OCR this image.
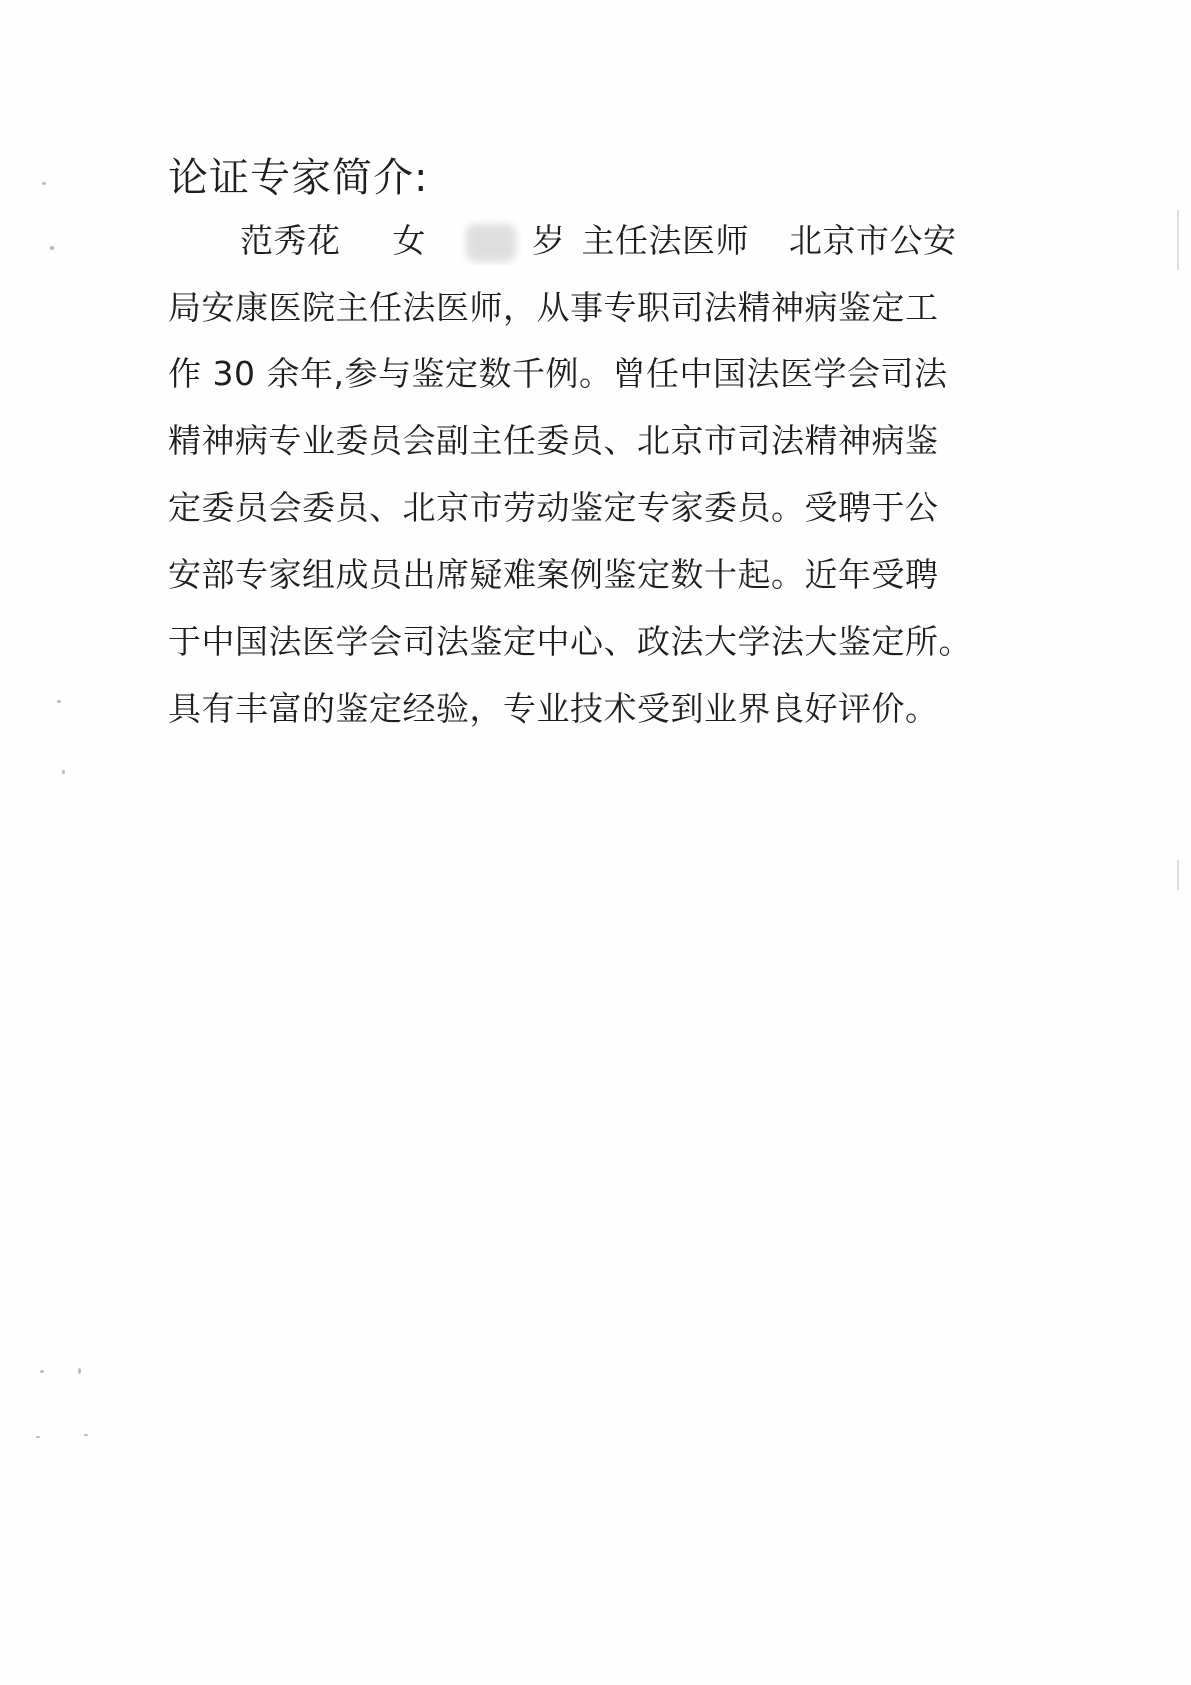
论证专家简介:
范秀花 女	岁 主任法医师 北京市公安
局安康医院主任法医师，从事专职司法精神病鉴定工
作 30 余年,参与鉴定数千例。曾任中国法医学会司法
精神病专业委员会副主任委员、北京市司法精神病鉴
定委员会委员、北京市劳动鉴定专家委员。受聘于公
安部专家组成员出席疑难案例鉴定数十起。近年受聘
于中国法医学会司法鉴定中心、政法大学法大鉴定所。
具有丰富的鉴定经验，专业技术受到业界良好评价。
